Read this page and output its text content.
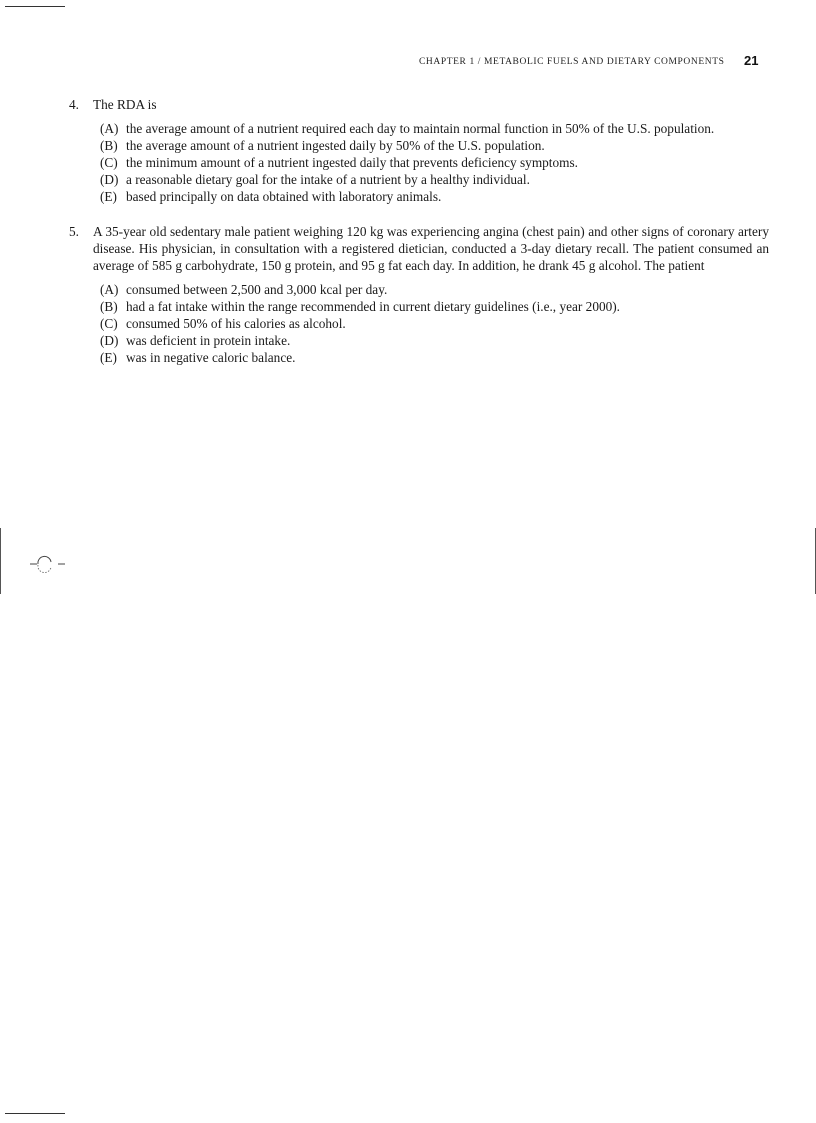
CHAPTER 1 / METABOLIC FUELS AND DIETARY COMPONENTS 21
4. The RDA is
(A) the average amount of a nutrient required each day to maintain normal function in 50% of the U.S. population.
(B) the average amount of a nutrient ingested daily by 50% of the U.S. population.
(C) the minimum amount of a nutrient ingested daily that prevents deficiency symptoms.
(D) a reasonable dietary goal for the intake of a nutrient by a healthy individual.
(E) based principally on data obtained with laboratory animals.
5. A 35-year old sedentary male patient weighing 120 kg was experiencing angina (chest pain) and other signs of coronary artery disease. His physician, in consultation with a registered dietician, conducted a 3-day dietary recall. The patient consumed an average of 585 g carbohydrate, 150 g protein, and 95 g fat each day. In addition, he drank 45 g alcohol. The patient
(A) consumed between 2,500 and 3,000 kcal per day.
(B) had a fat intake within the range recommended in current dietary guidelines (i.e., year 2000).
(C) consumed 50% of his calories as alcohol.
(D) was deficient in protein intake.
(E) was in negative caloric balance.
